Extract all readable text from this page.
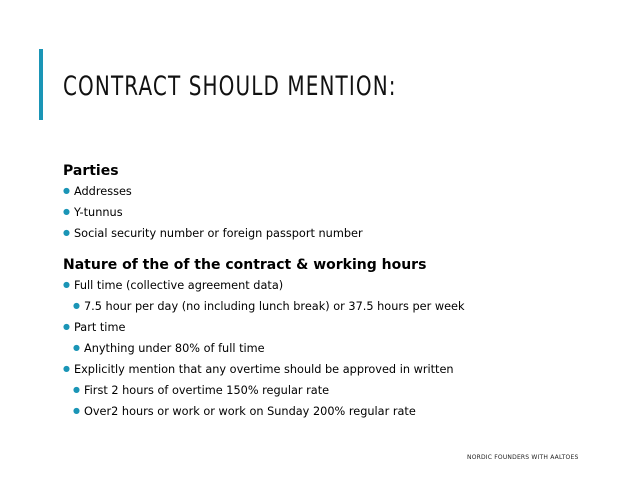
CONTRACT SHOULD MENTION:
Parties
● Addresses
● Y-tunnus
● Social security number or foreign passport number
Nature of the of the contract & working hours
● Full time (collective agreement data)
● 7.5 hour per day (no including lunch break) or 37.5 hours per week
● Part time
● Anything under 80% of full time
● Explicitly mention that any overtime should be approved in written
● First 2 hours of overtime 150% regular rate
● Over2 hours or work or work on Sunday 200% regular rate
NORDIC FOUNDERS WITH AALTOES
